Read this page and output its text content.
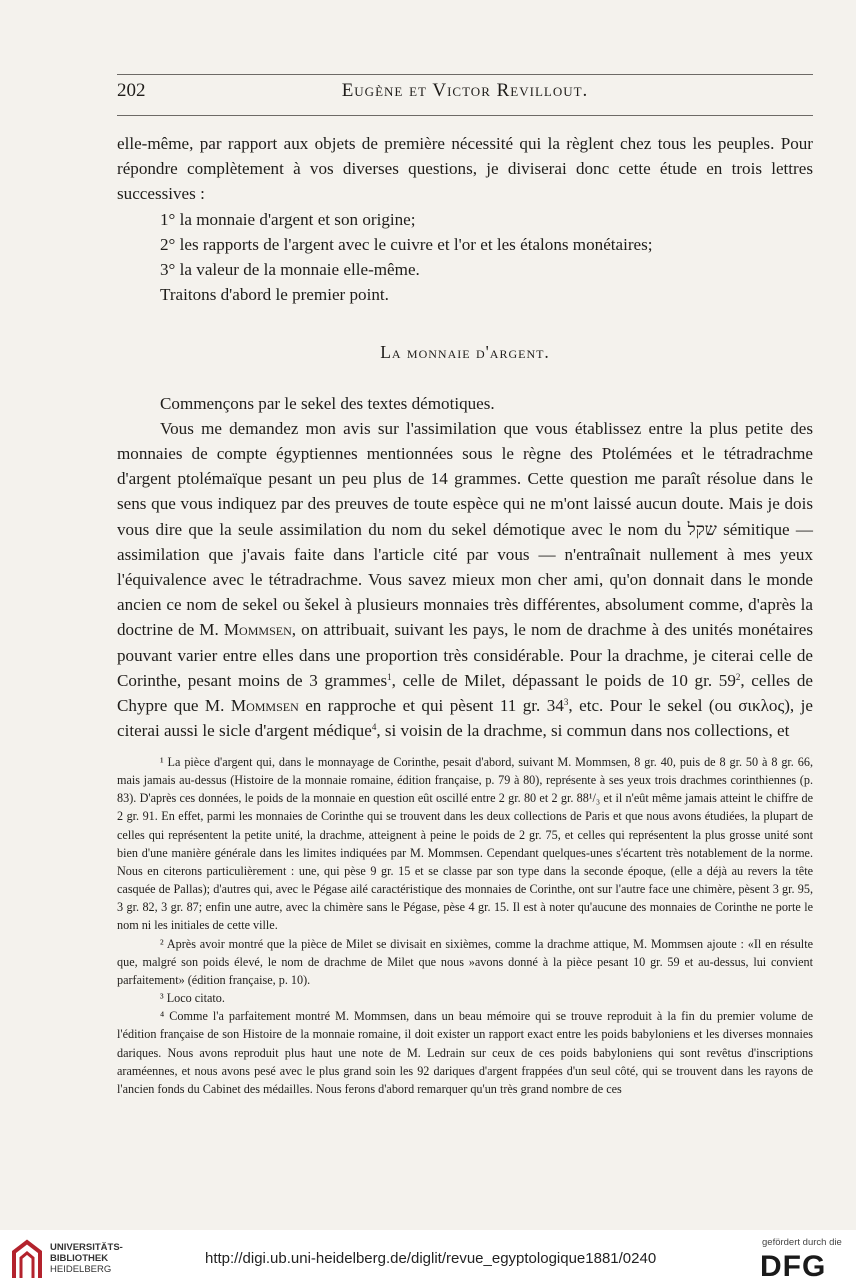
202	Eugène et Victor Revillout.

elle-même, par rapport aux objets de première nécessité qui la règlent chez tous les peuples. Pour répondre complètement à vos diverses questions, je diviserai donc cette étude en trois lettres successives :

1° la monnaie d'argent et son origine;

2° les rapports de l'argent avec le cuivre et l'or et les étalons monétaires;

3° la valeur de la monnaie elle-même.

Traitons d'abord le premier point.

La monnaie d'argent.

Commençons par le sekel des textes démotiques.

Vous me demandez mon avis sur l'assimilation que vous établissez entre la plus petite des monnaies de compte égyptiennes mentionnées sous le règne des Ptolémées et le tétradrachme d'argent ptolémaïque pesant un peu plus de 14 grammes. Cette question me paraît résolue dans le sens que vous indiquez par des preuves de toute espèce qui ne m'ont laissé aucun doute. Mais je dois vous dire que la seule assimilation du nom du sekel démotique avec le nom du שקל sémitique — assimilation que j'avais faite dans l'article cité par vous — n'entraînait nullement à mes yeux l'équivalence avec le tétradrachme. Vous savez mieux mon cher ami, qu'on donnait dans le monde ancien ce nom de sekel ou šekel à plusieurs monnaies très différentes, absolument comme, d'après la doctrine de M. Mommsen, on attribuait, suivant les pays, le nom de drachme à des unités monétaires pouvant varier entre elles dans une proportion très considérable. Pour la drachme, je citerai celle de Corinthe, pesant moins de 3 grammes$^1$, celle de Milet, dépassant le poids de 10 gr. $59^2$, celles de Chypre que M. Mommsen en rapproche et qui pèsent 11 gr. $34^3$, etc. Pour le sekel (ou σικλος), je citerai aussi le sicle d'argent médique$^4$, si voisin de la drachme, si commun dans nos collections, et

¹ La pièce d'argent qui, dans le monnayage de Corinthe, pesait d'abord, suivant M. Mommsen, 8 gr. 40, puis de 8 gr. 50 à 8 gr. 66, mais jamais au-dessus (Histoire de la monnaie romaine, édition française, p. 79 à 80), représente à ses yeux trois drachmes corinthiennes (p. 83). D'après ces données, le poids de la monnaie en question eût oscillé entre 2 gr. 80 et 2 gr. 88¹/₃ et il n'eût même jamais atteint le chiffre de 2 gr. 91. En effet, parmi les monnaies de Corinthe qui se trouvent dans les deux collections de Paris et que nous avons étudiées, la plupart de celles qui représentent la petite unité, la drachme, atteignent à peine le poids de 2 gr. 75, et celles qui représentent la plus grosse unité sont bien d'une manière générale dans les limites indiquées par M. Mommsen. Cependant quelques-unes s'écartent très notablement de la norme. Nous en citerons particulièrement : une, qui pèse 9 gr. 15 et se classe par son type dans la seconde époque, (elle a déjà au revers la tête casquée de Pallas); d'autres qui, avec le Pégase ailé caractéristique des monnaies de Corinthe, ont sur l'autre face une chimère, pèsent 3 gr. 95, 3 gr. 82, 3 gr. 87; enfin une autre, avec la chimère sans le Pégase, pèse 4 gr. 15. Il est à noter qu'aucune des monnaies de Corinthe ne porte le nom ni les initiales de cette ville.

² Après avoir montré que la pièce de Milet se divisait en sixièmes, comme la drachme attique, M. Mommsen ajoute : «Il en résulte que, malgré son poids élevé, le nom de drachme de Milet que nous »avons donné à la pièce pesant 10 gr. 59 et au-dessus, lui convient parfaitement» (édition française, p. 10).

³ Loco citato.

⁴ Comme l'a parfaitement montré M. Mommsen, dans un beau mémoire qui se trouve reproduit à la fin du premier volume de l'édition française de son Histoire de la monnaie romaine, il doit exister un rapport exact entre les poids babyloniens et les diverses monnaies dariques. Nous avons reproduit plus haut une note de M. Ledrain sur ceux de ces poids babyloniens qui sont revêtus d'inscriptions araméennes, et nous avons pesé avec le plus grand soin les 92 dariques d'argent frappées d'un seul côté, qui se trouvent dans les rayons de l'ancien fonds du Cabinet des médailles. Nous ferons d'abord remarquer qu'un très grand nombre de ces

UNIVERSITÄTS-
BIBLIOTHEK
HEIDELBERG
http://digi.ub.uni-heidelberg.de/diglit/revue_egyptologique1881/0240
gefördert durch die
DFG
